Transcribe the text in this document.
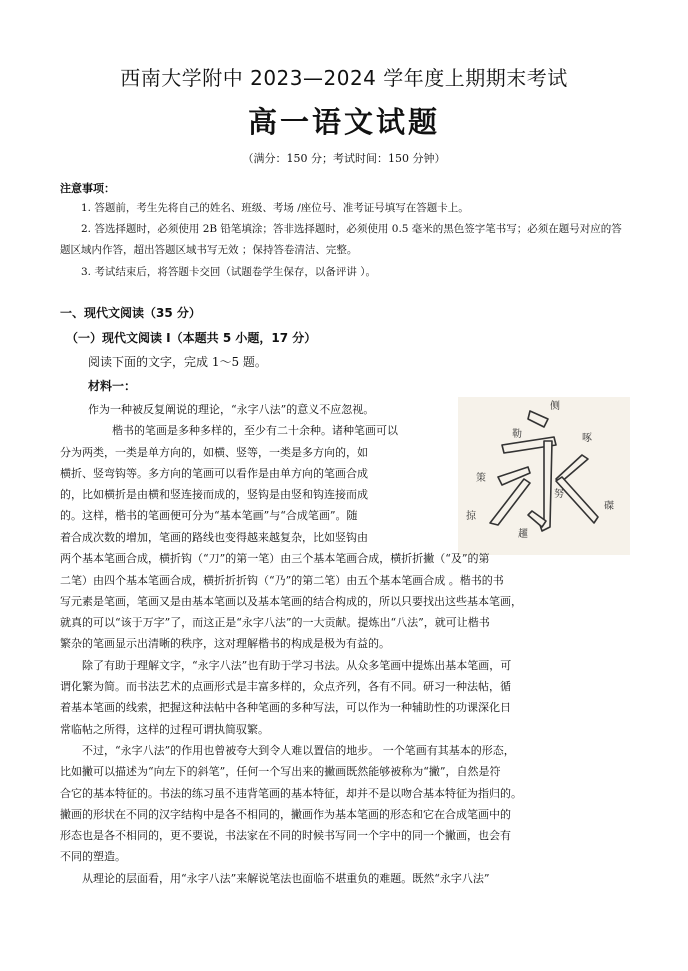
西南大学附中 2023—2024 学年度上期期末考试
高一语文试题
（满分：150 分；考试时间：150 分钟）
注意事项：
1. 答题前，考生先将自己的姓名、班级、考场 /座位号、准考证号填写在答题卡上。
2. 答选择题时，必须使用 2B 铅笔填涂；答非选择题时，必须使用 0.5 毫米的黑色签字笔书写；必须在题号对应的答题区域内作答，超出答题区域书写无效 ；保持答卷清洁、完整。
3. 考试结束后，将答题卡交回（试题卷学生保存，以备评讲 ）。
一、现代文阅读（35 分）
（一）现代文阅读 I（本题共 5 小题，17 分）
阅读下面的文字，完成 1～5 题。
材料一：
作为一种被反复阐说的理论，“永字八法”的意义不应忽视。
楷书的笔画是多种多样的，至少有二十余种。诸种笔画可以
分为两类，一类是单方向的，如横、竖等，一类是多方向的，如
横折、竖弯钩等。多方向的笔画可以看作是由单方向的笔画合成
的，比如横折是由横和竖连接而成的，竖钩是由竖和钩连接而成
的。这样，楷书的笔画便可分为“基本笔画”与“合成笔画”。随
侧
勒	啄
策
努
磔
掠
趯
着合成次数的增加，笔画的路线也变得越来越复杂，比如竖钩由
两个基本笔画合成，横折钩（“刀”的第一笔）由三个基本笔画合成，横折折撇（“及”的第
二笔）由四个基本笔画合成，横折折折钩（“乃”的第二笔）由五个基本笔画合成 。楷书的书
写元素是笔画，笔画又是由基本笔画以及基本笔画的结合构成的，所以只要找出这些基本笔画，
就真的可以“该于万字”了，而这正是“永字八法”的一大贡献。提炼出“八法”，就可让楷书
繁杂的笔画显示出清晰的秩序，这对理解楷书的构成是极为有益的。
　　除了有助于理解文字，“永字八法”也有助于学习书法。从众多笔画中提炼出基本笔画，可
谓化繁为简。而书法艺术的点画形式是丰富多样的，众点齐列，各有不同。研习一种法帖，循
着基本笔画的线索，把握这种法帖中各种笔画的多种写法，可以作为一种辅助性的功课深化日
常临帖之所得，这样的过程可谓执简驭繁。
　　不过，“永字八法”的作用也曾被夸大到令人难以置信的地步。 一个笔画有其基本的形态，
比如撇可以描述为“向左下的斜笔”，任何一个写出来的撇画既然能够被称为“撇”，自然是符
合它的基本特征的。书法的练习虽不违背笔画的基本特征，却并不是以吻合基本特征为指归的。
撇画的形状在不同的汉字结构中是各不相同的，撇画作为基本笔画的形态和它在合成笔画中的
形态也是各不相同的，更不要说，书法家在不同的时候书写同一个字中的同一个撇画，也会有
不同的塑造。
　　从理论的层面看，用“永字八法”来解说笔法也面临不堪重负的难题。既然“永字八法”
